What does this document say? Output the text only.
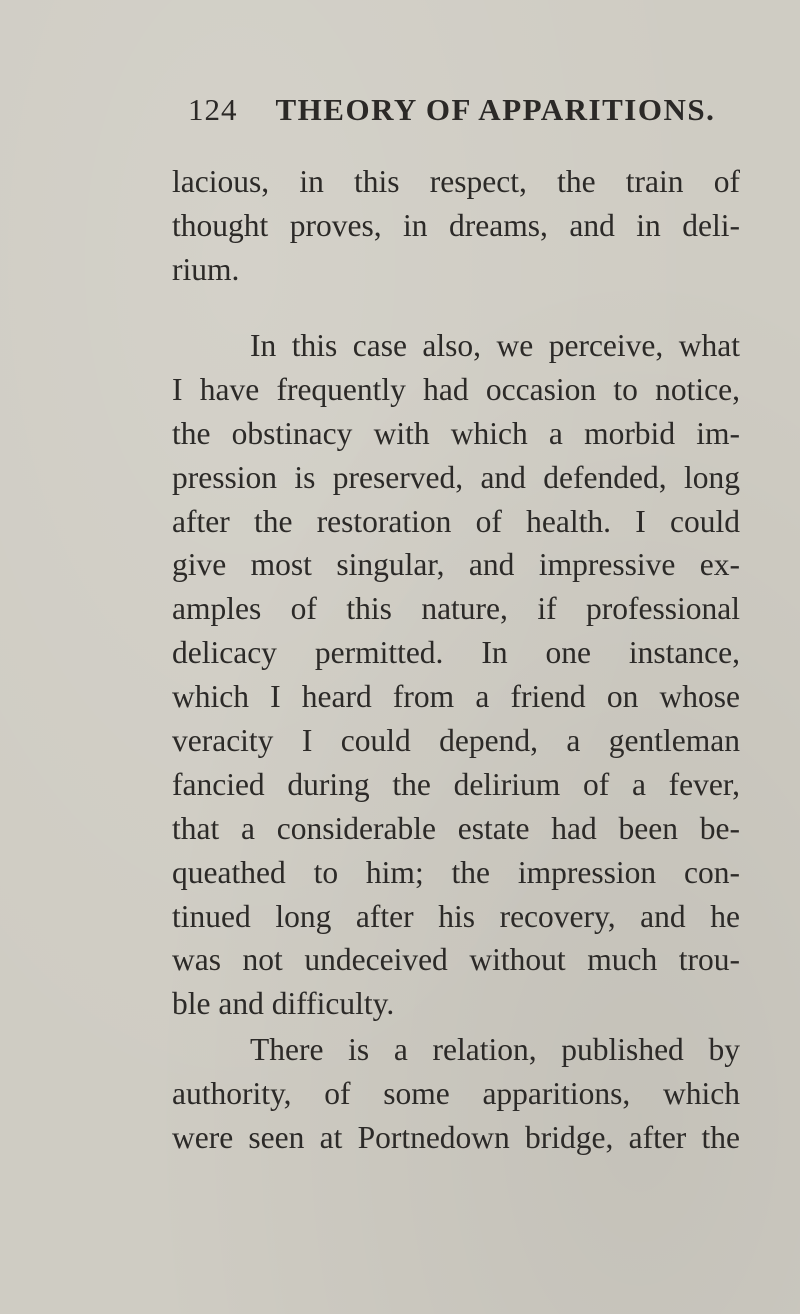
124 THEORY OF APPARITIONS.
lacious, in this respect, the train of
thought proves, in dreams, and in deli-
rium.
In this case also, we perceive, what
I have frequently had occasion to notice,
the obstinacy with which a morbid im-
pression is preserved, and defended, long
after the restoration of health. I could
give most singular, and impressive ex-
amples of this nature, if professional
delicacy permitted. In one instance,
which I heard from a friend on whose
veracity I could depend, a gentleman
fancied during the delirium of a fever,
that a considerable estate had been be-
queathed to him; the impression con-
tinued long after his recovery, and he
was not undeceived without much trou-
ble and difficulty.
There is a relation, published by
authority, of some apparitions, which
were seen at Portnedown bridge, after the
